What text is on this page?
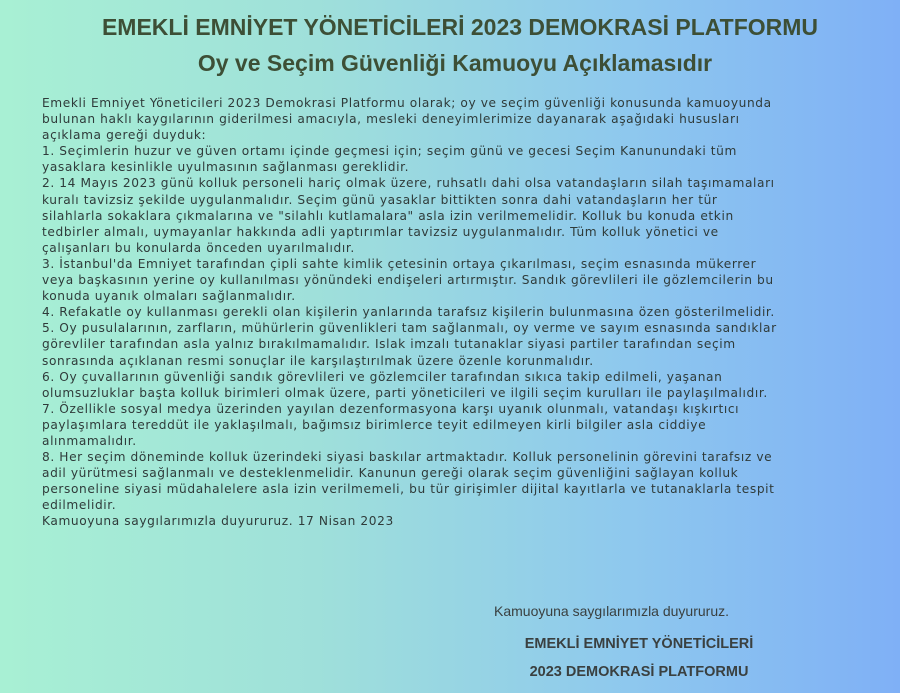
EMEKLİ EMNİYET YÖNETİCİLERİ 2023 DEMOKRASİ PLATFORMU
Oy ve Seçim Güvenliği Kamuoyu Açıklamasıdır
Emekli Emniyet Yöneticileri 2023 Demokrasi Platformu olarak; oy ve seçim güvenliği konusunda kamuoyunda
bulunan haklı kaygılarının giderilmesi amacıyla, mesleki deneyimlerimize dayanarak aşağıdaki hususları
açıklama gereği duyduk:
1. Seçimlerin huzur ve güven ortamı içinde geçmesi için; seçim günü ve gecesi Seçim Kanunundaki tüm
yasaklara kesinlikle uyulmasının sağlanması gereklidir.
2. 14 Mayıs 2023 günü kolluk personeli hariç olmak üzere, ruhsatlı dahi olsa vatandaşların silah taşımamaları
kuralı tavizsiz şekilde uygulanmalıdır. Seçim günü yasaklar bittikten sonra dahi vatandaşların her tür
silahlarla sokaklara çıkmalarına ve "silahlı kutlamalara" asla izin verilmemelidir. Kolluk bu konuda etkin
tedbirler almalı, uymayanlar hakkında adli yaptırımlar tavizsiz uygulanmalıdır. Tüm kolluk yönetici ve
çalışanları bu konularda önceden uyarılmalıdır.
3. İstanbul'da Emniyet tarafından çipli sahte kimlik çetesinin ortaya çıkarılması, seçim esnasında mükerrer
veya başkasının yerine oy kullanılması yönündeki endişeleri artırmıştır. Sandık görevlileri ile gözlemcilerin bu
konuda uyanık olmaları sağlanmalıdır.
4. Refakatle oy kullanması gerekli olan kişilerin yanlarında tarafsız kişilerin bulunmasına özen gösterilmelidir.
5. Oy pusulalarının, zarfların, mühürlerin güvenlikleri tam sağlanmalı, oy verme ve sayım esnasında sandıklar
görevliler tarafından asla yalnız bırakılmamalıdır. Islak imzalı tutanaklar siyasi partiler tarafından seçim
sonrasında açıklanan resmi sonuçlar ile karşılaştırılmak üzere özenle korunmalıdır.
6. Oy çuvallarının güvenliği sandık görevlileri ve gözlemciler tarafından sıkıca takip edilmeli, yaşanan
olumsuzluklar başta kolluk birimleri olmak üzere, parti yöneticileri ve ilgili seçim kurulları ile paylaşılmalıdır.
7. Özellikle sosyal medya üzerinden yayılan dezenformasyona karşı uyanık olunmalı, vatandaşı kışkırtıcı
paylaşımlara tereddüt ile yaklaşılmalı, bağımsız birimlerce teyit edilmeyen kirli bilgiler asla ciddiye
alınmamalıdır.
8. Her seçim döneminde kolluk üzerindeki siyasi baskılar artmaktadır. Kolluk personelinin görevini tarafsız ve
adil yürütmesi sağlanmalı ve desteklenmelidir. Kanunun gereği olarak seçim güvenliğini sağlayan kolluk
personeline siyasi müdahalelere asla izin verilmemeli, bu tür girişimler dijital kayıtlarla ve tutanaklarla tespit
edilmelidir.
Kamuoyuna saygılarımızla duyururuz. 17 Nisan 2023
Kamuoyuna saygılarımızla duyururuz.
EMEKLİ EMNİYET YÖNETİCİLERİ
2023 DEMOKRASİ PLATFORMU
